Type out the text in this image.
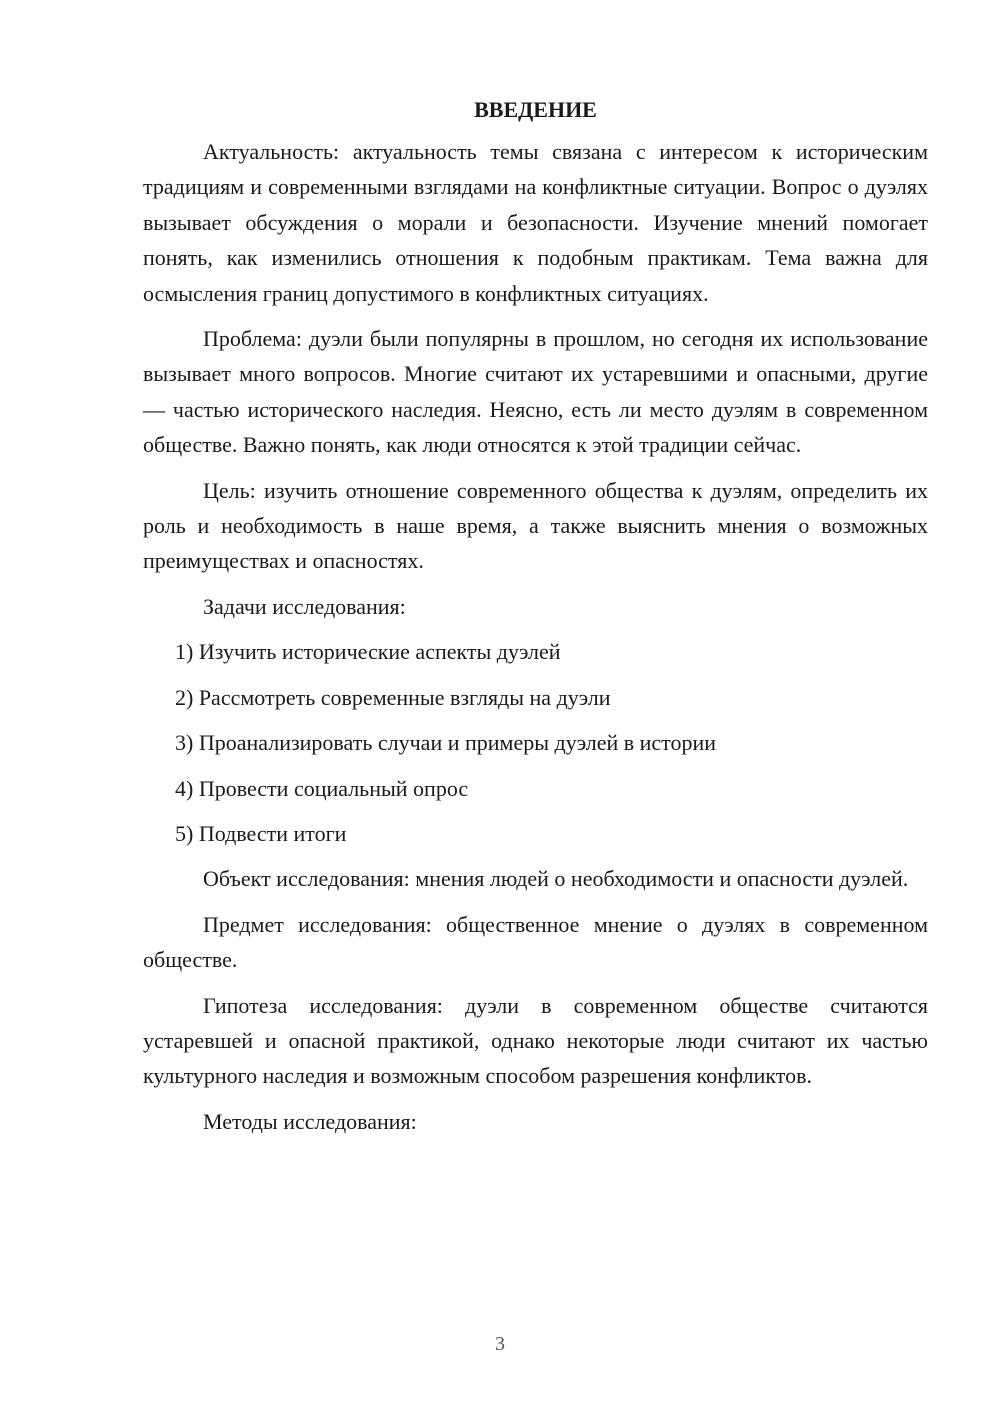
ВВЕДЕНИЕ

Актуальность: актуальность темы связана с интересом к историческим традициям и современными взглядами на конфликтные ситуации. Вопрос о дуэлях вызывает обсуждения о морали и безопасности. Изучение мнений помогает понять, как изменились отношения к подобным практикам. Тема важна для осмысления границ допустимого в конфликтных ситуациях.

Проблема: дуэли были популярны в прошлом, но сегодня их использование вызывает много вопросов. Многие считают их устаревшими и опасными, другие — частью исторического наследия. Неясно, есть ли место дуэлям в современном обществе. Важно понять, как люди относятся к этой традиции сейчас.

Цель: изучить отношение современного общества к дуэлям, определить их роль и необходимость в наше время, а также выяснить мнения о возможных преимуществах и опасностях.

Задачи исследования:

1) Изучить исторические аспекты дуэлей

2) Рассмотреть современные взгляды на дуэли

3) Проанализировать случаи и примеры дуэлей в истории

4) Провести социальный опрос

5) Подвести итоги

Объект исследования: мнения людей о необходимости и опасности дуэлей.

Предмет исследования: общественное мнение о дуэлях в современном обществе.

Гипотеза исследования: дуэли в современном обществе считаются устаревшей и опасной практикой, однако некоторые люди считают их частью культурного наследия и возможным способом разрешения конфликтов.

Методы исследования:

3
